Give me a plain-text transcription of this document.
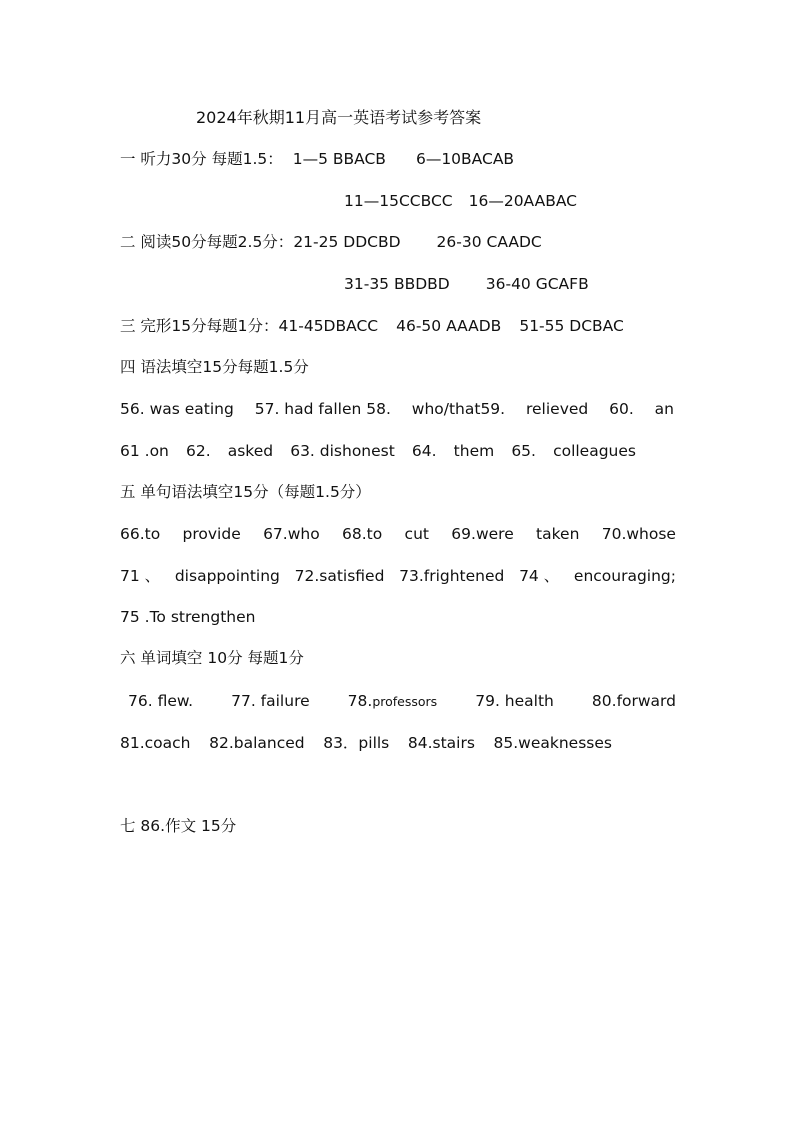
2024年秋期11月高一英语考试参考答案
一 听力30分 每题1.5： 1—5 BBACB 6—10BACAB
11—15CCBCC 16—20AABAC
二 阅读50分每题2.5分：21-25 DDCBD 26-30 CAADC
31-35 BBDBD 36-40 GCAFB
三 完形15分每题1分：41-45DBACC 46-50 AAADB 51-55 DCBAC
四 语法填空15分每题1.5分
56. was eating 57. had fallen 58. who/that59. relieved 60. an
61 .on 62. asked 63. dishonest 64. them 65. colleagues
五 单句语法填空15分（每题1.5分）
66.to provide 67.who 68.to cut 69.were taken 70.whose
71 、 disappointing 72.satisfied 73.frightened 74 、 encouraging;
75 .To strengthen
六 单词填空 10分 每题1分
76. flew. 77. failure 78.professors 79. health 80.forward
81.coach 82.balanced 83．pills 84.stairs 85.weaknesses
七 86.作文 15分
